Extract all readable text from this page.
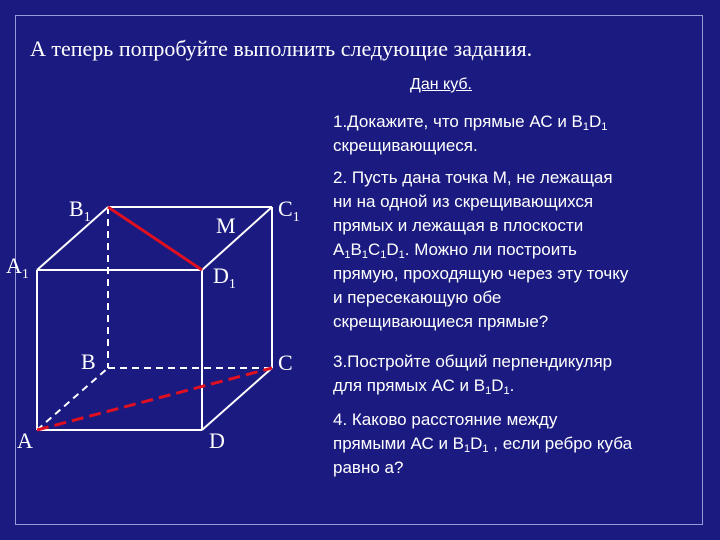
А теперь попробуйте выполнить следующие задания.
Дан куб.
1.Докажите, что прямые АС и $В_1D_1$
скрещивающиеся.
2. Пусть дана точка М, не лежащая
ни на одной из скрещивающихся
прямых и лежащая в плоскости
$А_1В_1С_1D_1$. Можно ли построить
прямую, проходящую через эту точку
и пересекающую обе
скрещивающиеся прямые?
3.Постройте общий перпендикуляр
для прямых АС и $В_1D_1$.
4. Каково расстояние между
прямыми АС и $В_1D_1$ , если ребро куба
равно а?
$B_1$	M
$C_1$
$A_1$	$D_1$
B	C
A	D
